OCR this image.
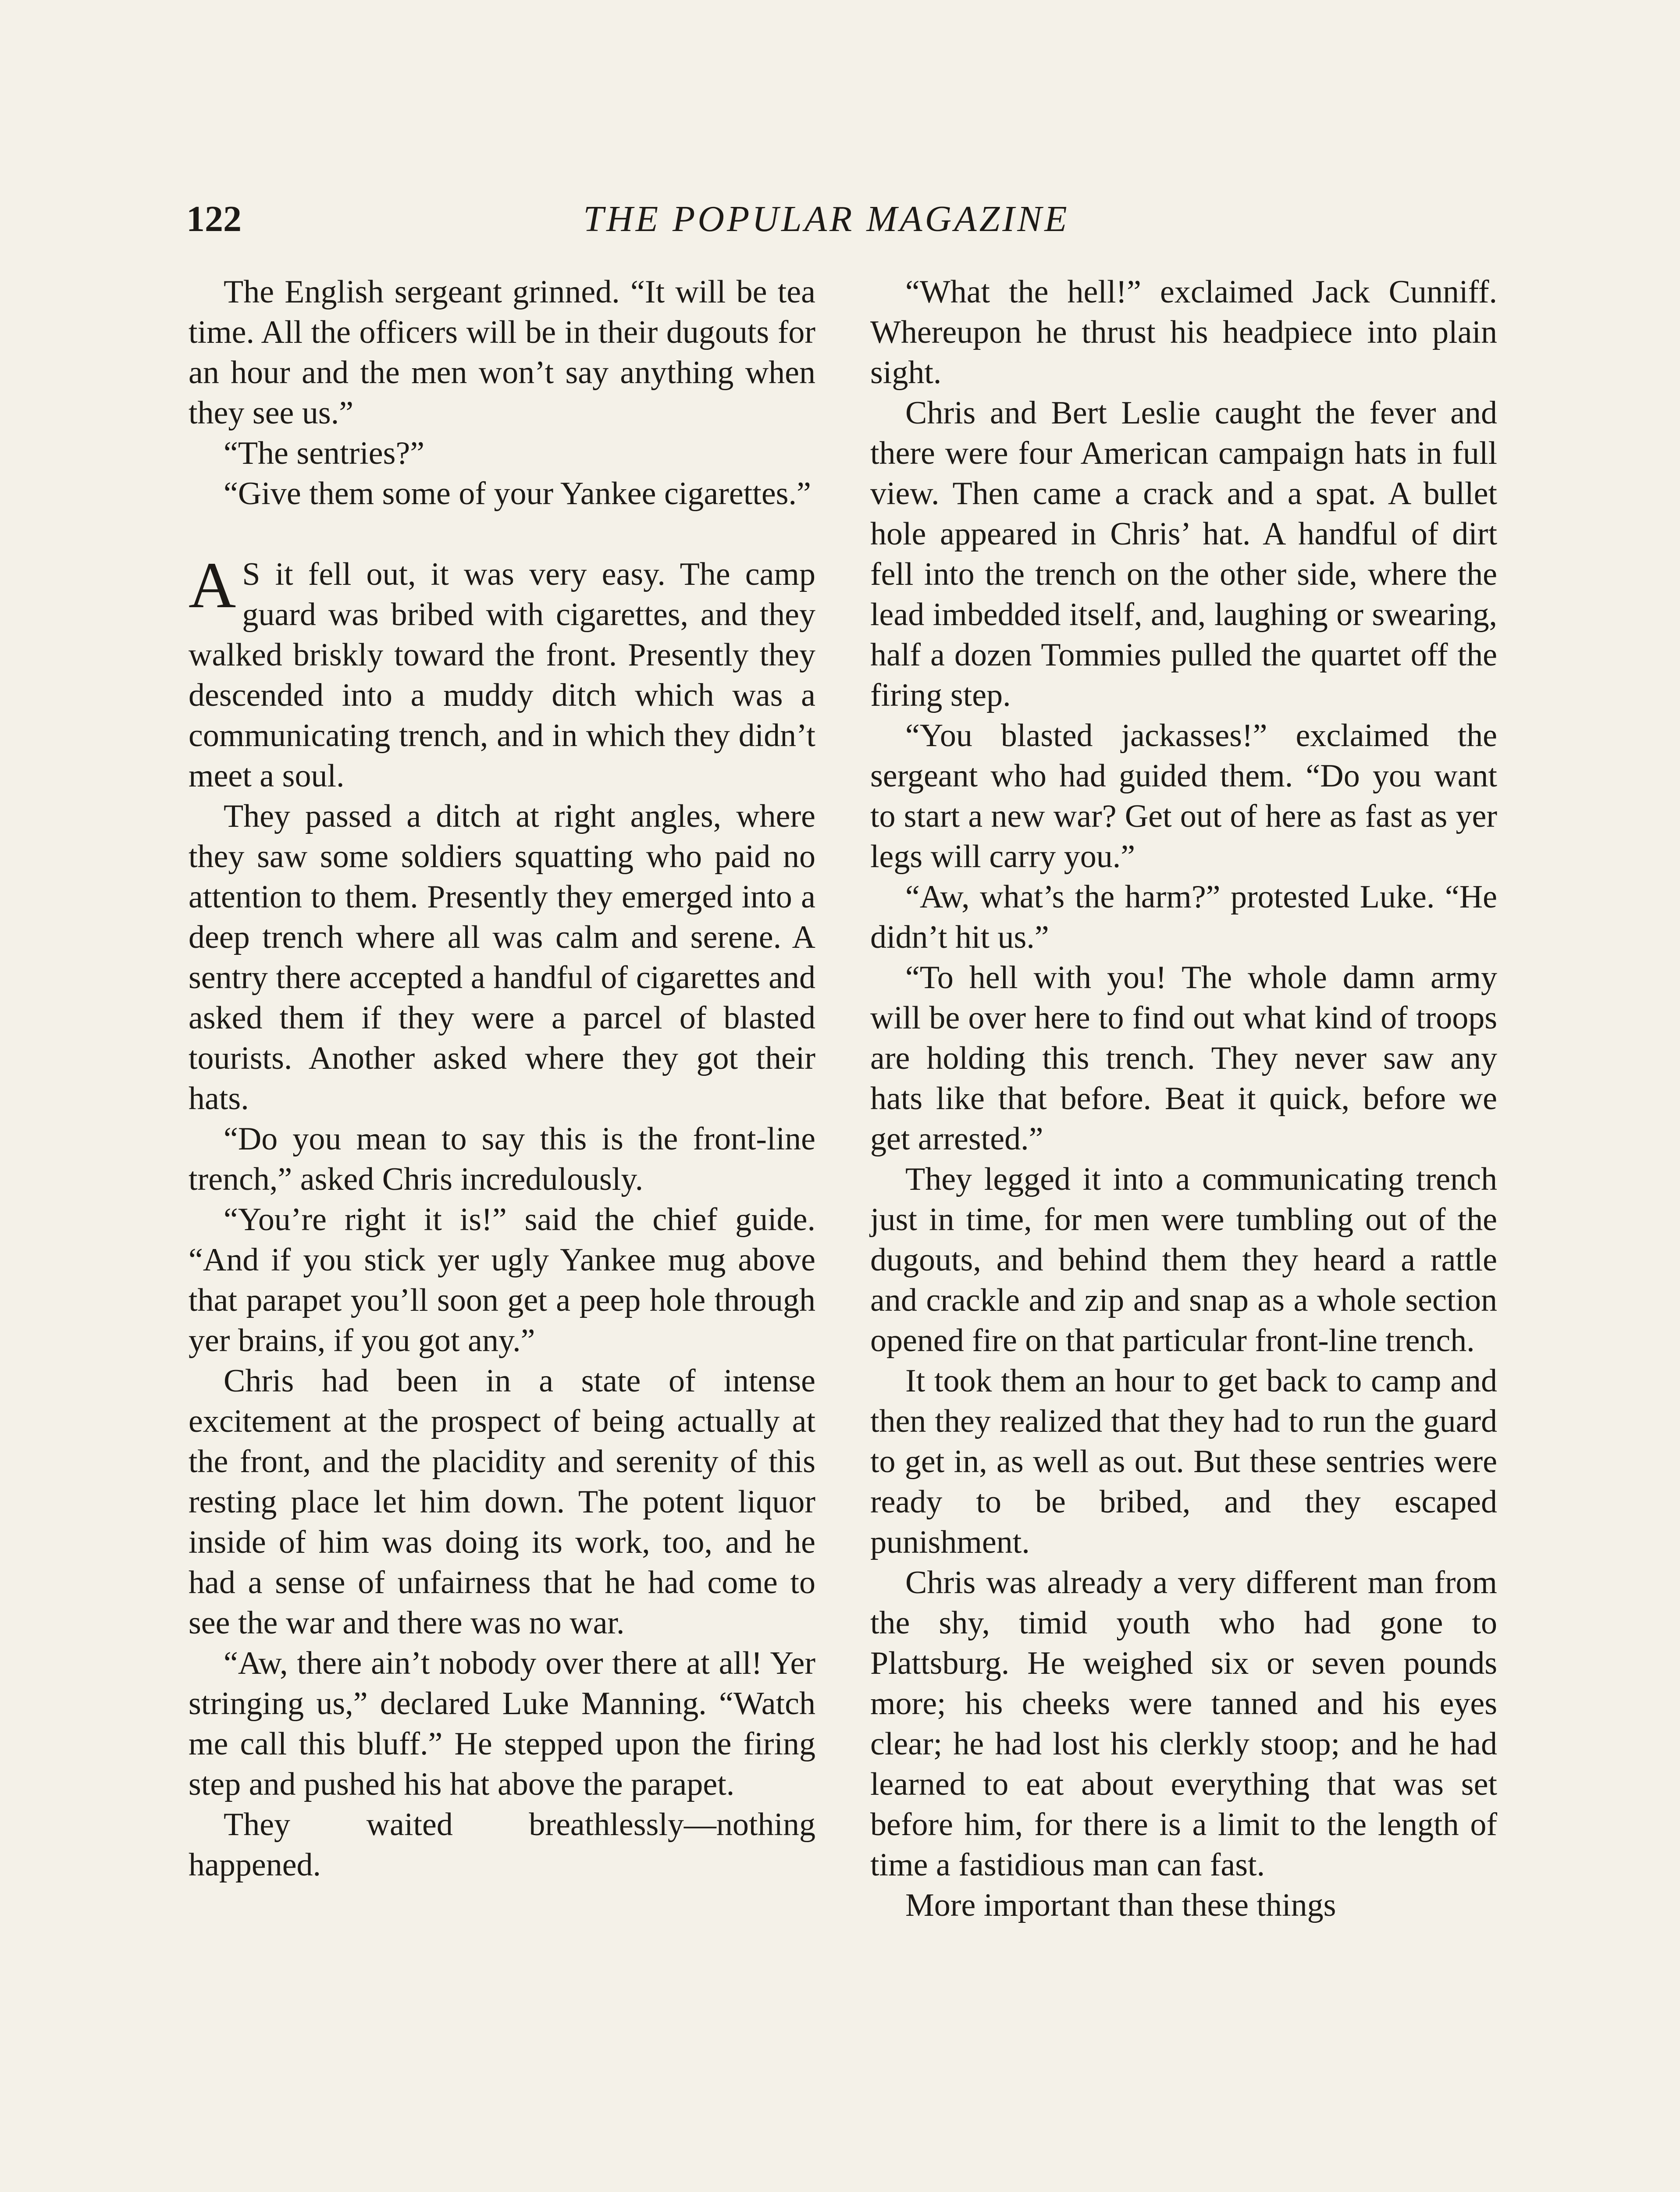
122	THE POPULAR MAGAZINE

The English sergeant grinned. “It will be tea time. All the officers will be in their dugouts for an hour and the men won’t say anything when they see us.”

“The sentries?”

“Give them some of your Yankee cigarettes.”

A S it fell out, it was very easy. The camp guard was bribed with cigarettes, and they walked briskly toward the front. Presently they descended into a muddy ditch which was a communicating trench, and in which they didn’t meet a soul.

They passed a ditch at right angles, where they saw some soldiers squatting who paid no attention to them. Presently they emerged into a deep trench where all was calm and serene. A sentry there accepted a handful of cigarettes and asked them if they were a parcel of blasted tourists. Another asked where they got their hats.

“Do you mean to say this is the front-line trench,” asked Chris incredulously.

“You’re right it is!” said the chief guide. “And if you stick yer ugly Yankee mug above that parapet you’ll soon get a peep hole through yer brains, if you got any.”

Chris had been in a state of intense excitement at the prospect of being actually at the front, and the placidity and serenity of this resting place let him down. The potent liquor inside of him was doing its work, too, and he had a sense of unfairness that he had come to see the war and there was no war.

“Aw, there ain’t nobody over there at all! Yer stringing us,” declared Luke Manning. “Watch me call this bluff.” He stepped upon the firing step and pushed his hat above the parapet.

They waited breathlessly—nothing happened.

“What the hell!” exclaimed Jack Cunniff. Whereupon he thrust his headpiece into plain sight.

Chris and Bert Leslie caught the fever and there were four American campaign hats in full view. Then came a crack and a spat. A bullet hole appeared in Chris’ hat. A handful of dirt fell into the trench on the other side, where the lead imbedded itself, and, laughing or swearing, half a dozen Tommies pulled the quartet off the firing step.

“You blasted jackasses!” exclaimed the sergeant who had guided them. “Do you want to start a new war? Get out of here as fast as yer legs will carry you.”

“Aw, what’s the harm?” protested Luke. “He didn’t hit us.”

“To hell with you! The whole damn army will be over here to find out what kind of troops are holding this trench. They never saw any hats like that before. Beat it quick, before we get arrested.”

They legged it into a communicating trench just in time, for men were tumbling out of the dugouts, and behind them they heard a rattle and crackle and zip and snap as a whole section opened fire on that particular front-line trench.

It took them an hour to get back to camp and then they realized that they had to run the guard to get in, as well as out. But these sentries were ready to be bribed, and they escaped punishment.

Chris was already a very different man from the shy, timid youth who had gone to Plattsburg. He weighed six or seven pounds more; his cheeks were tanned and his eyes clear; he had lost his clerkly stoop; and he had learned to eat about everything that was set before him, for there is a limit to the length of time a fastidious man can fast.

More important than these things
